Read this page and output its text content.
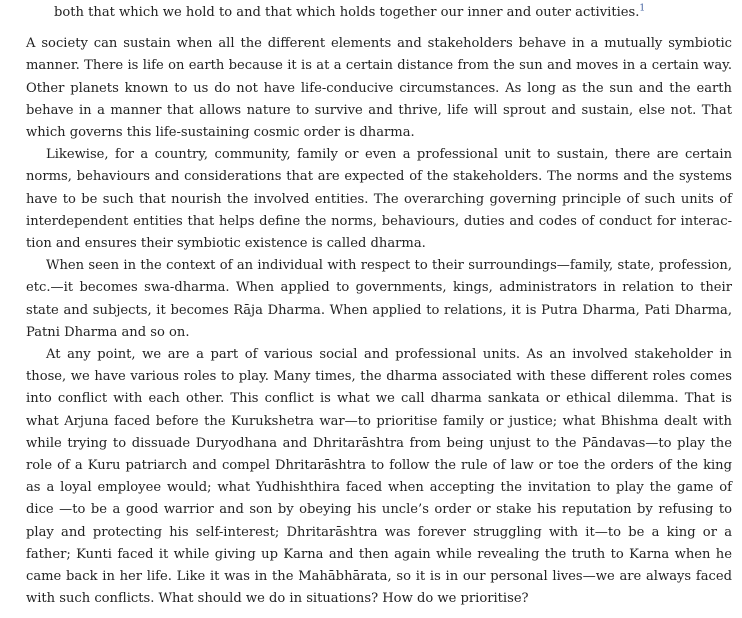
both that which we hold to and that which holds together our inner and outer activities.$^1$

A society can sustain when all the different elements and stakeholders behave in a mutually symbiotic manner. There is life on earth because it is at a certain distance from the sun and moves in a certain way. Other planets known to us do not have life-conducive circumstances. As long as the sun and the earth behave in a manner that allows nature to survive and thrive, life will sprout and sustain, else not. That which governs this life-sustaining cosmic order is dharma.

Likewise, for a country, community, family or even a professional unit to sustain, there are certain norms, behaviours and considerations that are expected of the stakeholders. The norms and the systems have to be such that nourish the involved entities. The overarching governing principle of such units of interdependent entities that helps define the norms, behaviours, duties and codes of conduct for interaction and ensures their symbiotic existence is called dharma.

When seen in the context of an individual with respect to their surroundings—family, state, profession, etc.—it becomes swa-dharma. When applied to governments, kings, administrators in relation to their state and subjects, it becomes Rāja Dharma. When applied to relations, it is Putra Dharma, Pati Dharma, Patni Dharma and so on.

At any point, we are a part of various social and professional units. As an involved stakeholder in those, we have various roles to play. Many times, the dharma associated with these different roles comes into conflict with each other. This conflict is what we call dharma sankata or ethical dilemma. That is what Arjuna faced before the Kurukshetra war—to prioritise family or justice; what Bhishma dealt with while trying to dissuade Duryodhana and Dhritarāshtra from being unjust to the Pāndavas—to play the role of a Kuru patriarch and compel Dhritarāshtra to follow the rule of law or toe the orders of the king as a loyal employee would; what Yudhishthira faced when accepting the invitation to play the game of dice —to be a good warrior and son by obeying his uncle’s order or stake his reputation by refusing to play and protecting his self-interest; Dhritarāshtra was forever struggling with it—to be a king or a father; Kunti faced it while giving up Karna and then again while revealing the truth to Karna when he came back in her life. Like it was in the Mahābhārata, so it is in our personal lives—we are always faced with such conflicts. What should we do in situations? How do we prioritise?
